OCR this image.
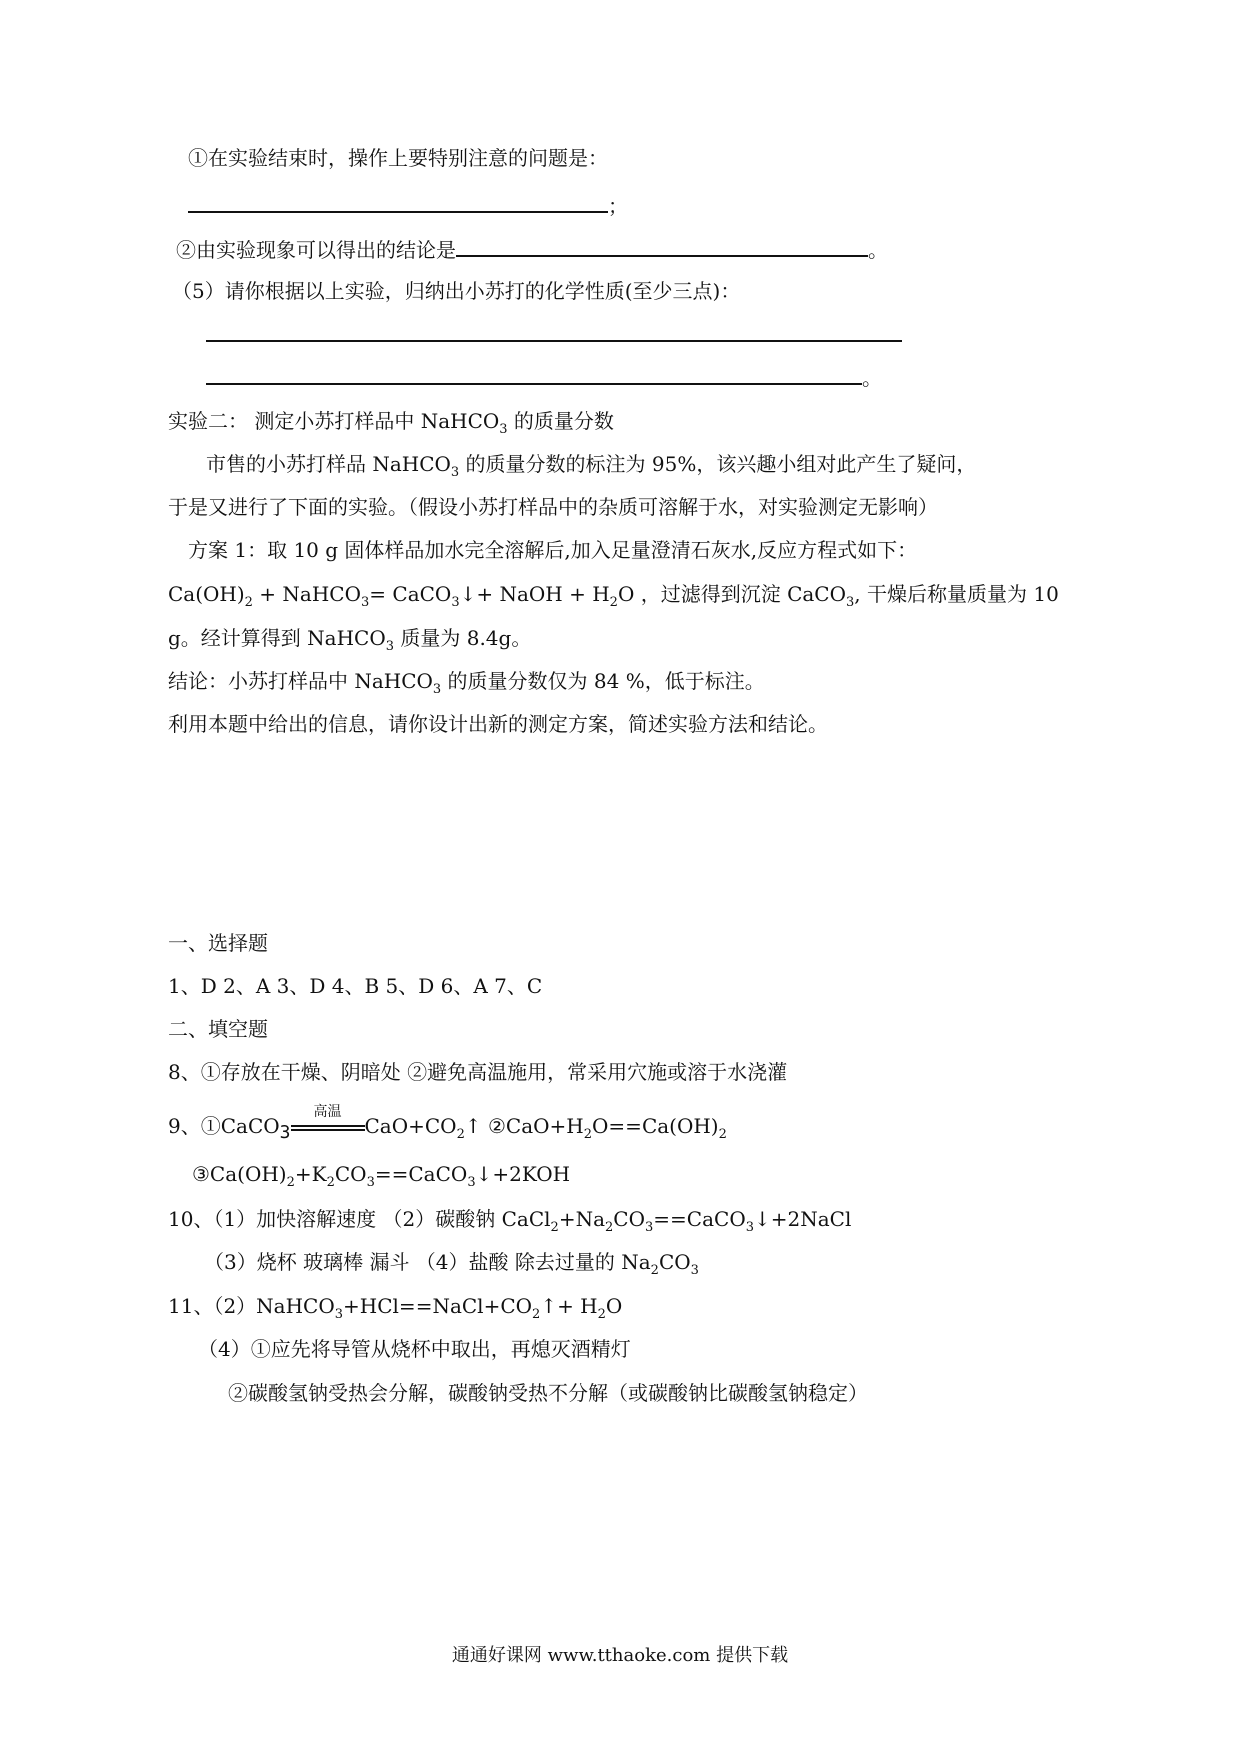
①在实验结束时，操作上要特别注意的问题是：
；
②由实验现象可以得出的结论是	。
（5）请你根据以上实验，归纳出小苏打的化学性质(至少三点)：
。
实验二： 测定小苏打样品中 NaHCO$_3$ 的质量分数
市售的小苏打样品 NaHCO$_3$ 的质量分数的标注为 95%，该兴趣小组对此产生了疑问，
于是又进行了下面的实验。（假设小苏打样品中的杂质可溶解于水，对实验测定无影响）
方案 1：取 10 g 固体样品加水完全溶解后,加入足量澄清石灰水,反应方程式如下：
$Ca(OH)_2$ + NaHCO$_3$= CaCO$_3$↓+ NaOH + $H_2O$ ，过滤得到沉淀 CaCO$_3$, 干燥后称量质量为 10
g。经计算得到 NaHCO$_3$ 质量为 8.4g。
结论：小苏打样品中 NaHCO$_3$ 的质量分数仅为 84 %，低于标注。
利用本题中给出的信息，请你设计出新的测定方案，简述实验方法和结论。
一、选择题
1、D 2、A 3、D 4、B 5、D 6、A 7、C
二、填空题
8、①存放在干燥、阴暗处 ②避免高温施用，常采用穴施或溶于水浇灌
9、①CaCO$_3$
高温
$CaO+CO_2↑$ $②CaO+H_2O==Ca(OH)_2$
$③Ca(OH)_2+K_2CO_3==CaCO_3↓+2KOH$
10、（1）加快溶解速度 （2）碳酸钠 $CaCl_2+Na_2CO_3==CaCO_3↓+2NaCl$
（3）烧杯 玻璃棒 漏斗 （4）盐酸 除去过量的 $Na_2CO_3$
11、$(2)NaHCO_3+HCl==NaCl+CO_2↑+ H_2O$
（4）①应先将导管从烧杯中取出，再熄灭酒精灯
②碳酸氢钠受热会分解，碳酸钠受热不分解（或碳酸钠比碳酸氢钠稳定）
通通好课网 www.tthaoke.com 提供下载
